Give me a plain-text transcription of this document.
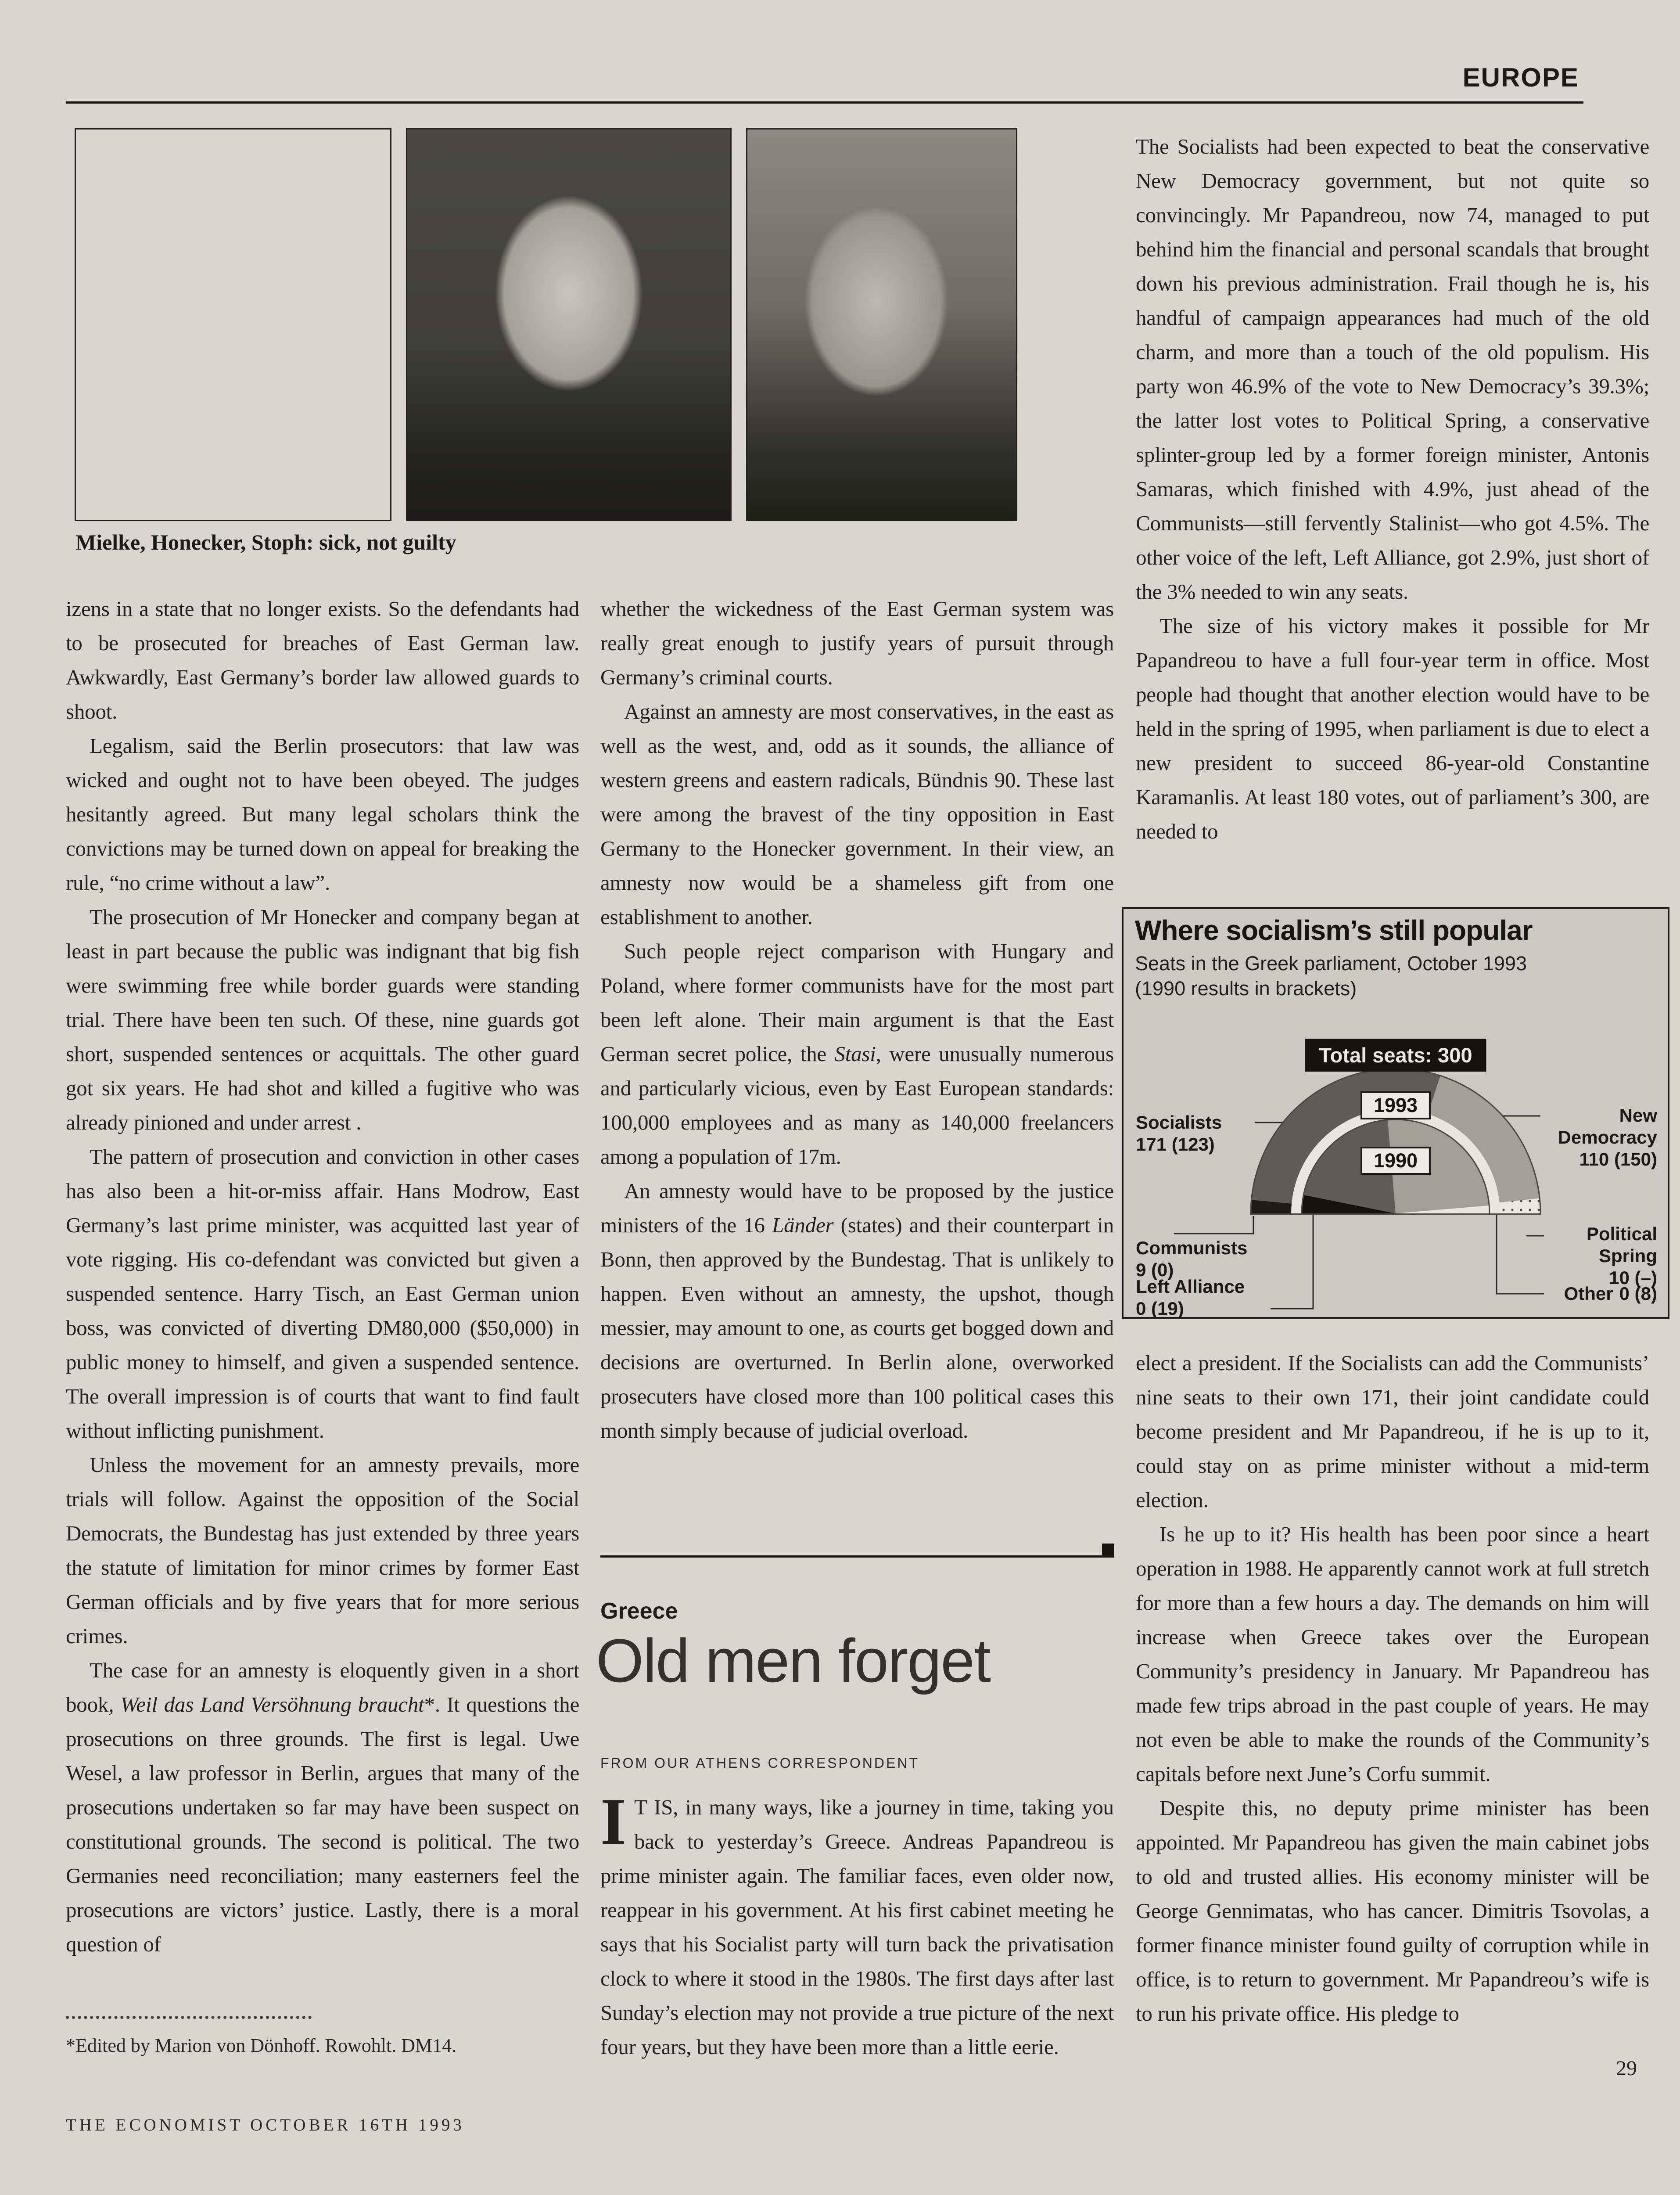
EUROPE
Mielke, Honecker, Stoph: sick, not guilty

izens in a state that no longer exists. So the defendants had to be prosecuted for breaches of East German law. Awkwardly, East Germany’s border law allowed guards to shoot.

Legalism, said the Berlin prosecutors: that law was wicked and ought not to have been obeyed. The judges hesitantly agreed. But many legal scholars think the convictions may be turned down on appeal for breaking the rule, “no crime without a law”.

The prosecution of Mr Honecker and company began at least in part because the public was indignant that big fish were swimming free while border guards were standing trial. There have been ten such. Of these, nine guards got short, suspended sentences or acquittals. The other guard got six years. He had shot and killed a fugitive who was already pinioned and under arrest .

The pattern of prosecution and conviction in other cases has also been a hit-or-miss affair. Hans Modrow, East Germany’s last prime minister, was acquitted last year of vote rigging. His co-defendant was convicted but given a suspended sentence. Harry Tisch, an East German union boss, was convicted of diverting DM80,000 ($50,000) in public money to himself, and given a suspended sentence. The overall impression is of courts that want to find fault without inflicting punishment.

Unless the movement for an amnesty prevails, more trials will follow. Against the opposition of the Social Democrats, the Bundestag has just extended by three years the statute of limitation for minor crimes by former East German officials and by five years that for more serious crimes.

The case for an amnesty is eloquently given in a short book, Weil das Land Versöhnung braucht*. It questions the prosecutions on three grounds. The first is legal. Uwe Wesel, a law professor in Berlin, argues that many of the prosecutions undertaken so far may have been suspect on constitutional grounds. The second is political. The two Germanies need reconciliation; many easterners feel the prosecutions are victors’ justice. Lastly, there is a moral question of

whether the wickedness of the East German system was really great enough to justify years of pursuit through Germany’s criminal courts.

Against an amnesty are most conservatives, in the east as well as the west, and, odd as it sounds, the alliance of western greens and eastern radicals, Bündnis 90. These last were among the bravest of the tiny opposition in East Germany to the Honecker government. In their view, an amnesty now would be a shameless gift from one establishment to another.

Such people reject comparison with Hungary and Poland, where former communists have for the most part been left alone. Their main argument is that the East German secret police, the Stasi, were unusually numerous and particularly vicious, even by East European standards: 100,000 employees and as many as 140,000 freelancers among a population of 17m.

An amnesty would have to be proposed by the justice ministers of the 16 Länder (states) and their counterpart in Bonn, then approved by the Bundestag. That is unlikely to happen. Even without an amnesty, the upshot, though messier, may amount to one, as courts get bogged down and decisions are overturned. In Berlin alone, overworked prosecuters have closed more than 100 political cases this month simply because of judicial overload.

*Edited by Marion von Dönhoff. Rowohlt. DM14.
THE ECONOMIST OCTOBER 16TH 1993
Greece
Old men forget
FROM OUR ATHENS CORRESPONDENT

I T IS, in many ways, like a journey in time, taking you back to yesterday’s Greece. Andreas Papandreou is prime minister again. The familiar faces, even older now, reappear in his government. At his first cabinet meeting he says that his Socialist party will turn back the privatisation clock to where it stood in the 1980s. The first days after last Sunday’s election may not provide a true picture of the next four years, but they have been more than a little eerie.

The Socialists had been expected to beat the conservative New Democracy government, but not quite so convincingly. Mr Papandreou, now 74, managed to put behind him the financial and personal scandals that brought down his previous administration. Frail though he is, his handful of campaign appearances had much of the old charm, and more than a touch of the old populism. His party won 46.9% of the vote to New Democracy’s 39.3%; the latter lost votes to Political Spring, a conservative splinter-group led by a former foreign minister, Antonis Samaras, which finished with 4.9%, just ahead of the Communists—still fervently Stalinist—who got 4.5%. The other voice of the left, Left Alliance, got 2.9%, just short of the 3% needed to win any seats.

The size of his victory makes it possible for Mr Papandreou to have a full four-year term in office. Most people had thought that another election would have to be held in the spring of 1995, when parliament is due to elect a new president to succeed 86-year-old Constantine Karamanlis. At least 180 votes, out of parliament’s 300, are needed to

elect a president. If the Socialists can add the Communists’ nine seats to their own 171, their joint candidate could become president and Mr Papandreou, if he is up to it, could stay on as prime minister without a mid-term election.

Is he up to it? His health has been poor since a heart operation in 1988. He apparently cannot work at full stretch for more than a few hours a day. The demands on him will increase when Greece takes over the European Community’s presidency in January. Mr Papandreou has made few trips abroad in the past couple of years. He may not even be able to make the rounds of the Community’s capitals before next June’s Corfu summit.

Despite this, no deputy prime minister has been appointed. Mr Papandreou has given the main cabinet jobs to old and trusted allies. His economy minister will be George Gennimatas, who has cancer. Dimitris Tsovolas, a former finance minister found guilty of corruption while in office, is to return to government. Mr Papandreou’s wife is to run his private office. His pledge to

29
Where socialism’s still popular
Seats in the Greek parliament, October 1993
(1990 results in brackets)
Total seats: 300
1993
1990
Socialists
171 (123)
New Democracy
110 (150)
Communists
9 (0)
Left Alliance
0 (19)
Political Spring
10 (–)
Other 0 (8)
